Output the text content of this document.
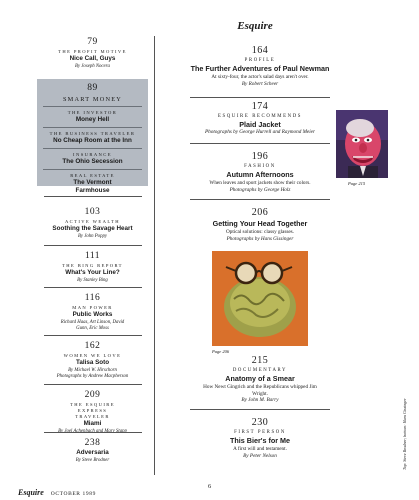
Esquire
79
THE PROFIT MOTIVE
Nice Call, Guys
By Joseph Nocera
89
SMART MONEY
THE INVESTOR
Money Hell
THE BUSINESS TRAVELER
No Cheap Room at the Inn
INSURANCE
The Ohio Secession
REAL ESTATE
The Vermont Farmhouse
103
ACTIVE WEALTH
Soothing the Savage Heart
By John Poppy
111
THE BING REPORT
What's Your Line?
By Stanley Bing
116
MAN POWER
Public Works
Richard Haas, Art Linson, David Gunn, Eric Moss
162
WOMEN WE LOVE
Talisa Soto
By Michael W. Hirschorn
Photographs by Andrew Macpherson
209
THE ESQUIRE EXPRESS TRAVELER
Miami
238
Adversaria
By Steve Brodner
164
PROFILE
The Further Adventures of Paul Newman
At sixty-four, the actor's salad days aren't over.
By Robert Scheer
174
ESQUIRE RECOMMENDS
Plaid Jacket
Photographs by George Hurrell and Raymond Meier
196
FASHION
Autumn Afternoons
When leaves and sport jackets show their colors.
Photographs by George Holz
206
Getting Your Head Together
Optical solutions: classy glasses.
Photographs by Hans Gissinger
Page 215
Page 206
215
DOCUMENTARY
Anatomy of a Smear
How Newt Gingrich and the Republicans whipped Jim Wright.
By John M. Barry
230
FIRST PERSON
This Bier's for Me
A first will and testament.
By Peter Nelson	Top: Steve Brodner; bottom: Hans Gissinger
Esquire OCTOBER 1989
6
